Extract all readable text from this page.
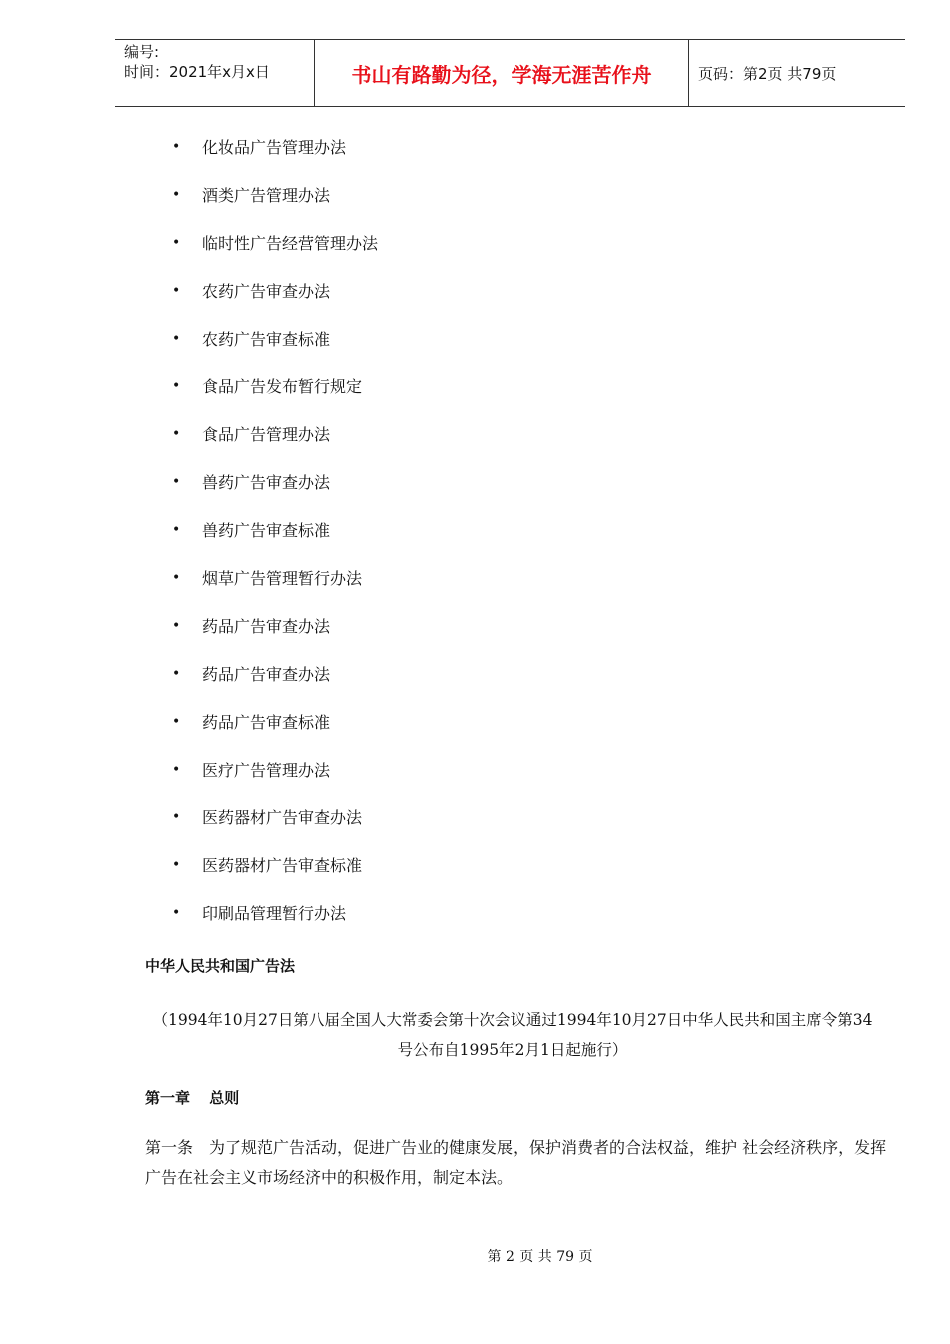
编号:
时间：2021年x月x日	书山有路勤为径，学海无涯苦作舟	页码：第2页 共79页
• 化妆品广告管理办法
• 酒类广告管理办法
• 临时性广告经营管理办法
• 农药广告审查办法
• 农药广告审查标准
• 食品广告发布暂行规定
• 食品广告管理办法
• 兽药广告审查办法
• 兽药广告审查标准
• 烟草广告管理暂行办法
• 药品广告审查办法
• 药品广告审查办法
• 药品广告审查标准
• 医疗广告管理办法
• 医药器材广告审查办法
• 医药器材广告审查标准
• 印刷品管理暂行办法
中华人民共和国广告法
（1994年10月27日第八届全国人大常委会第十次会议通过1994年10月27日中华人民共和国主席令第34号公布自1995年2月1日起施行）
第一章 总则
第一条　为了规范广告活动，促进广告业的健康发展，保护消费者的合法权益，维护 社会经济秩序，发挥广告在社会主义市场经济中的积极作用，制定本法。
第 2 页 共 79 页
